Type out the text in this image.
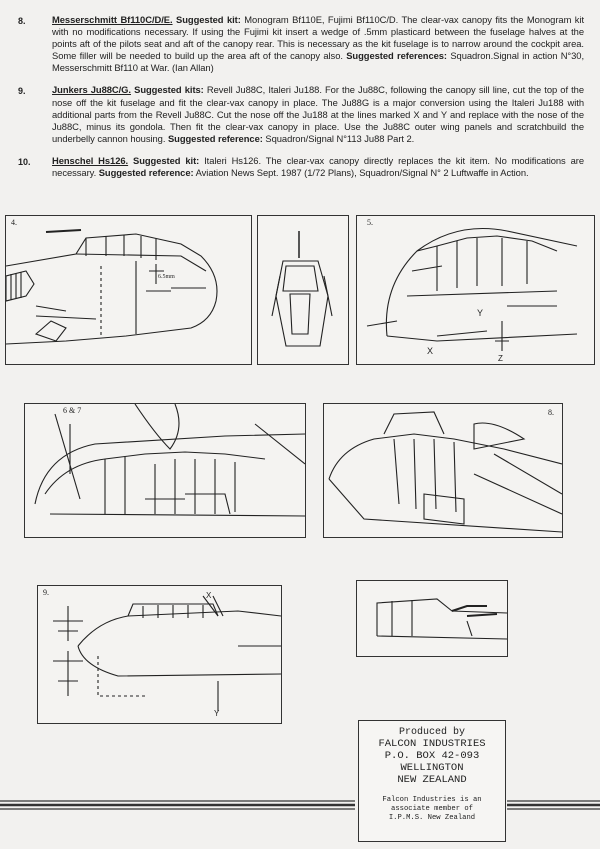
8.	Messerschmitt Bf110C/D/E. Suggested kit: Monogram Bf110E, Fujimi Bf110C/D. The clear-vax canopy fits the Monogram kit with no modifications necessary. If using the Fujimi kit insert a wedge of .5mm plasticard between the fuselage halves at the points aft of the pilots seat and aft of the canopy rear. This is necessary as the kit fuselage is to narrow around the cockpit area. Some filler will be needed to build up the area aft of the canopy also. Suggested references: Squadron.Signal in action N°30, Messerschmitt Bf110 at War. (Ian Allan)
9.	Junkers Ju88C/G. Suggested kits: Revell Ju88C, Italeri Ju188. For the Ju88C, following the canopy sill line, cut the top of the nose off the kit fuselage and fit the clear-vax canopy in place. The Ju88G is a major conversion using the Italeri Ju188 with additional parts from the Revell Ju88C. Cut the nose off the Ju188 at the lines marked X and Y and replace with the nose of the Ju88C, minus its gondola. Then fit the clear-vax canopy in place. Use the Ju88C outer wing panels and scratchbuild the underbelly cannon housing. Suggested reference: Squadron/Signal N°113 Ju88 Part 2.
10.	Henschel Hs126. Suggested kit: Italeri Hs126. The clear-vax canopy directly replaces the kit item. No modifications are necessary. Suggested reference: Aviation News Sept. 1987 (1/72 Plans), Squadron/Signal N° 2 Luftwaffe in Action.
4.
6.5mm
5.
Y
X
Z
6 & 7	8.
9.	X
Y
Produced by
FALCON INDUSTRIES
P.O. BOX 42-093
WELLINGTON
NEW ZEALAND
Falcon Industries is an
associate member of
I.P.M.S. New Zealand
